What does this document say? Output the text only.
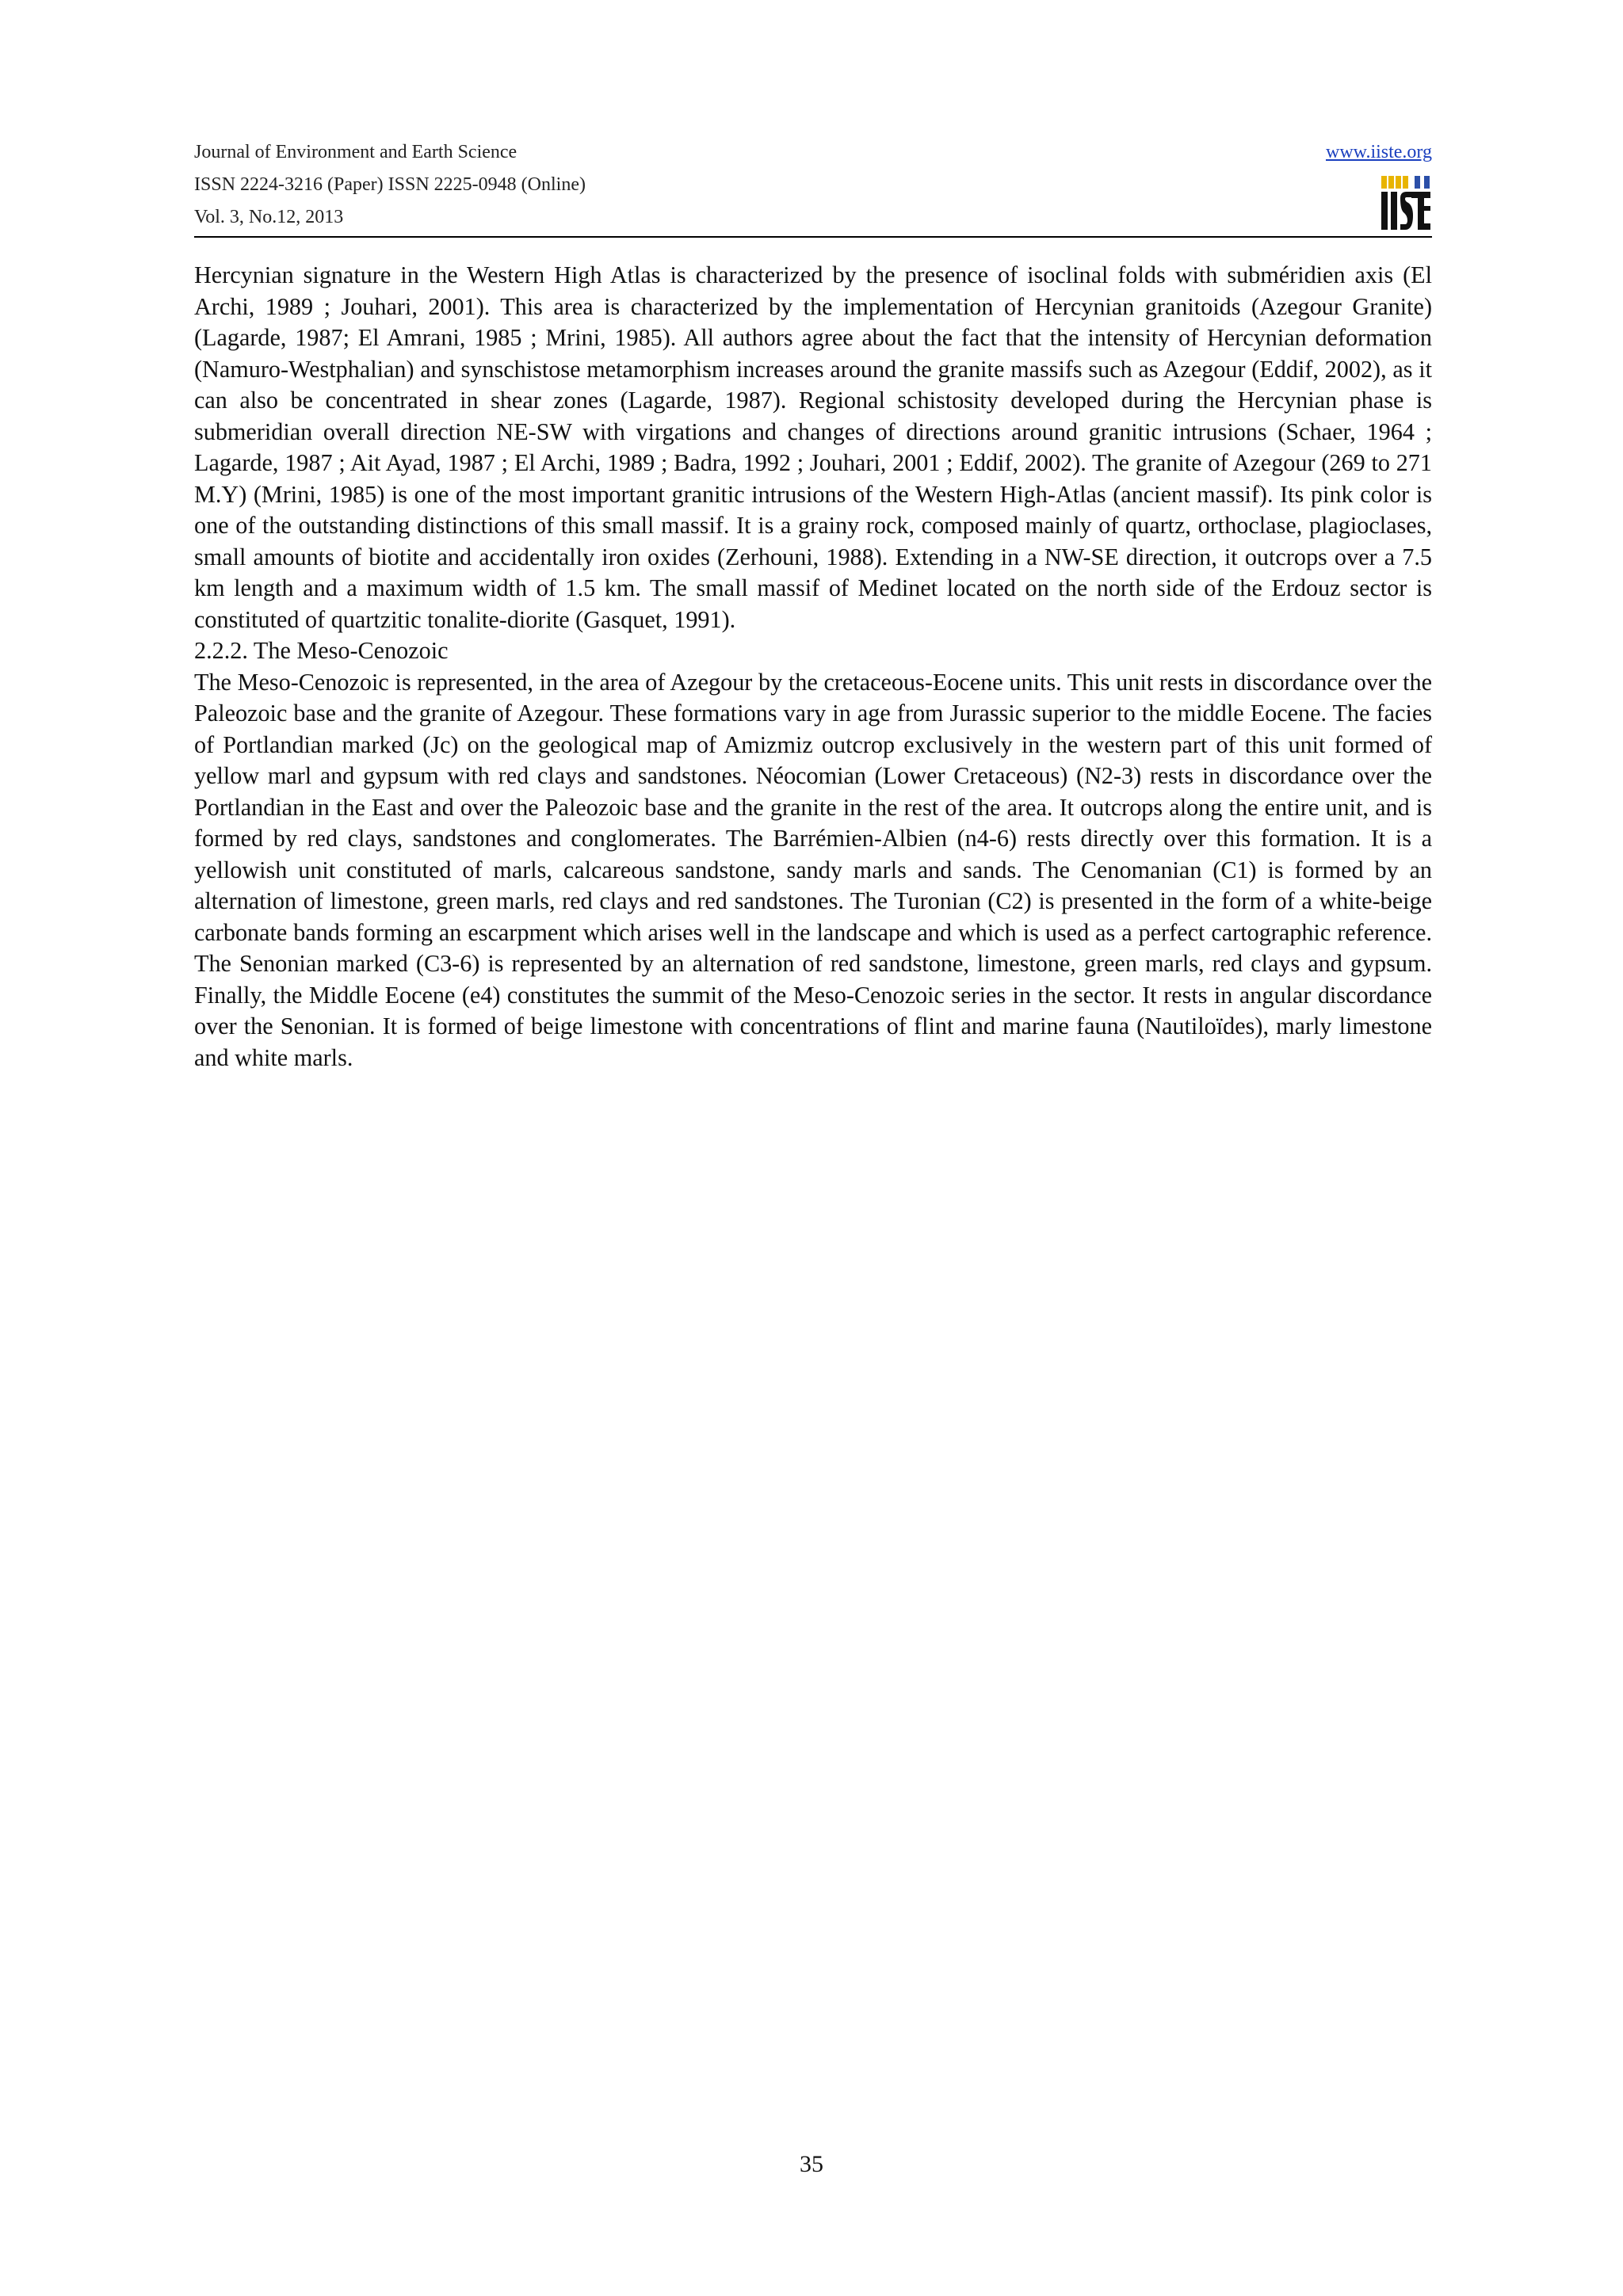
Journal of Environment and Earth Science
ISSN 2224-3216 (Paper) ISSN 2225-0948 (Online)
Vol. 3, No.12, 2013
www.iiste.org

Hercynian signature in the Western High Atlas is characterized by the presence of isoclinal folds with subméridien axis (El Archi, 1989 ; Jouhari, 2001). This area is characterized by the implementation of Hercynian granitoids (Azegour Granite) (Lagarde, 1987; El Amrani, 1985 ; Mrini, 1985). All authors agree about the fact that the intensity of Hercynian deformation (Namuro-Westphalian) and synschistose metamorphism increases around the granite massifs such as Azegour (Eddif, 2002), as it can also be concentrated in shear zones (Lagarde, 1987). Regional schistosity developed during the Hercynian phase is submeridian overall direction NE-SW with virgations and changes of directions around granitic intrusions (Schaer, 1964 ; Lagarde, 1987 ; Ait Ayad, 1987 ; El Archi, 1989 ; Badra, 1992 ; Jouhari, 2001 ; Eddif, 2002). The granite of Azegour (269 to 271 M.Y) (Mrini, 1985) is one of the most important granitic intrusions of the Western High-Atlas (ancient massif). Its pink color is one of the outstanding distinctions of this small massif. It is a grainy rock, composed mainly of quartz, orthoclase, plagioclases, small amounts of biotite and accidentally iron oxides (Zerhouni, 1988). Extending in a NW-SE direction, it outcrops over a 7.5 km length and a maximum width of 1.5 km. The small massif of Medinet located on the north side of the Erdouz sector is constituted of quartzitic tonalite-diorite (Gasquet, 1991).

2.2.2. The Meso-Cenozoic

The Meso-Cenozoic is represented, in the area of Azegour by the cretaceous-Eocene units. This unit rests in discordance over the Paleozoic base and the granite of Azegour. These formations vary in age from Jurassic superior to the middle Eocene. The facies of Portlandian marked (Jc) on the geological map of Amizmiz outcrop exclusively in the western part of this unit formed of yellow marl and gypsum with red clays and sandstones. Néocomian (Lower Cretaceous) (N2-3) rests in discordance over the Portlandian in the East and over the Paleozoic base and the granite in the rest of the area. It outcrops along the entire unit, and is formed by red clays, sandstones and conglomerates. The Barrémien-Albien (n4-6) rests directly over this formation. It is a yellowish unit constituted of marls, calcareous sandstone, sandy marls and sands. The Cenomanian (C1) is formed by an alternation of limestone, green marls, red clays and red sandstones. The Turonian (C2) is presented in the form of a white-beige carbonate bands forming an escarpment which arises well in the landscape and which is used as a perfect cartographic reference. The Senonian marked (C3-6) is represented by an alternation of red sandstone, limestone, green marls, red clays and gypsum. Finally, the Middle Eocene (e4) constitutes the summit of the Meso-Cenozoic series in the sector. It rests in angular discordance over the Senonian. It is formed of beige limestone with concentrations of flint and marine fauna (Nautiloïdes), marly limestone and white marls.

35
